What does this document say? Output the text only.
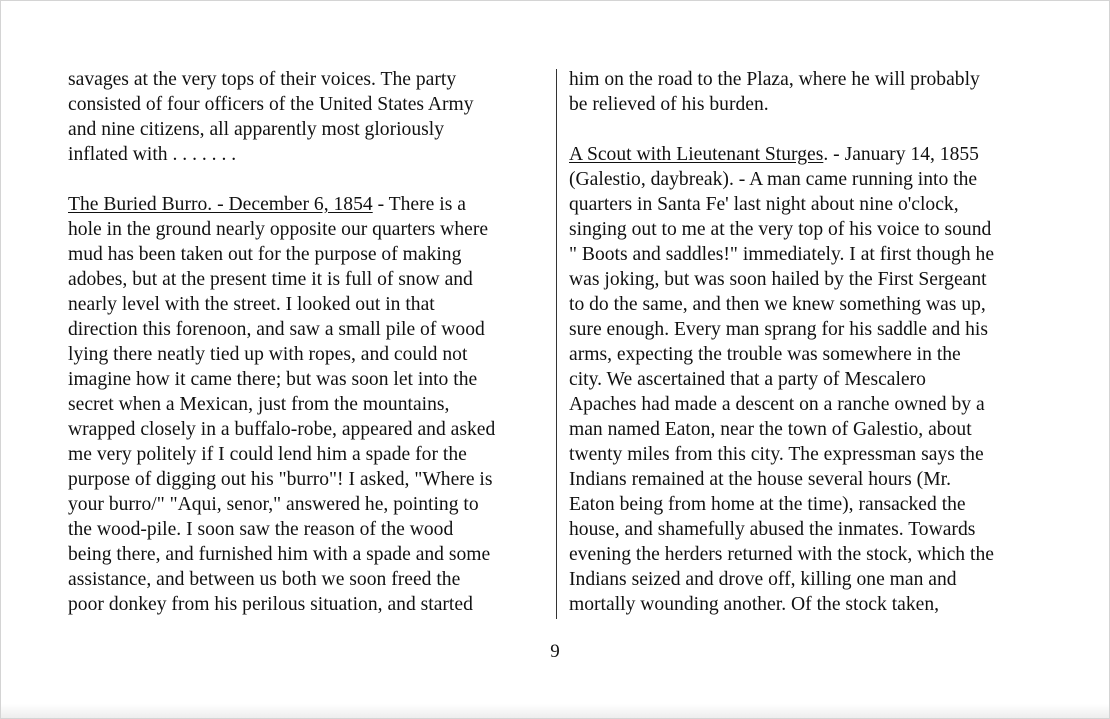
savages at the very tops of their voices. The party
consisted of four officers of the United States Army
and nine citizens, all apparently most gloriously
inflated with . . . . . . .
The Buried Burro. - December 6, 1854 - There is a
hole in the ground nearly opposite our quarters where
mud has been taken out for the purpose of making
adobes, but at the present time it is full of snow and
nearly level with the street. I looked out in that
direction this forenoon, and saw a small pile of wood
lying there neatly tied up with ropes, and could not
imagine how it came there; but was soon let into the
secret when a Mexican, just from the mountains,
wrapped closely in a buffalo-robe, appeared and asked
me very politely if I could lend him a spade for the
purpose of digging out his "burro"! I asked, "Where is
your burro/" "Aqui, senor," answered he, pointing to
the wood-pile. I soon saw the reason of the wood
being there, and furnished him with a spade and some
assistance, and between us both we soon freed the
poor donkey from his perilous situation, and started
him on the road to the Plaza, where he will probably
be relieved of his burden.
A Scout with Lieutenant Sturges. - January 14, 1855
(Galestio, daybreak). - A man came running into the
quarters in Santa Fe' last night about nine o'clock,
singing out to me at the very top of his voice to sound
" Boots and saddles!" immediately. I at first though he
was joking, but was soon hailed by the First Sergeant
to do the same, and then we knew something was up,
sure enough. Every man sprang for his saddle and his
arms, expecting the trouble was somewhere in the
city. We ascertained that a party of Mescalero
Apaches had made a descent on a ranche owned by a
man named Eaton, near the town of Galestio, about
twenty miles from this city. The expressman says the
Indians remained at the house several hours (Mr.
Eaton being from home at the time), ransacked the
house, and shamefully abused the inmates. Towards
evening the herders returned with the stock, which the
Indians seized and drove off, killing one man and
mortally wounding another. Of the stock taken,
9
